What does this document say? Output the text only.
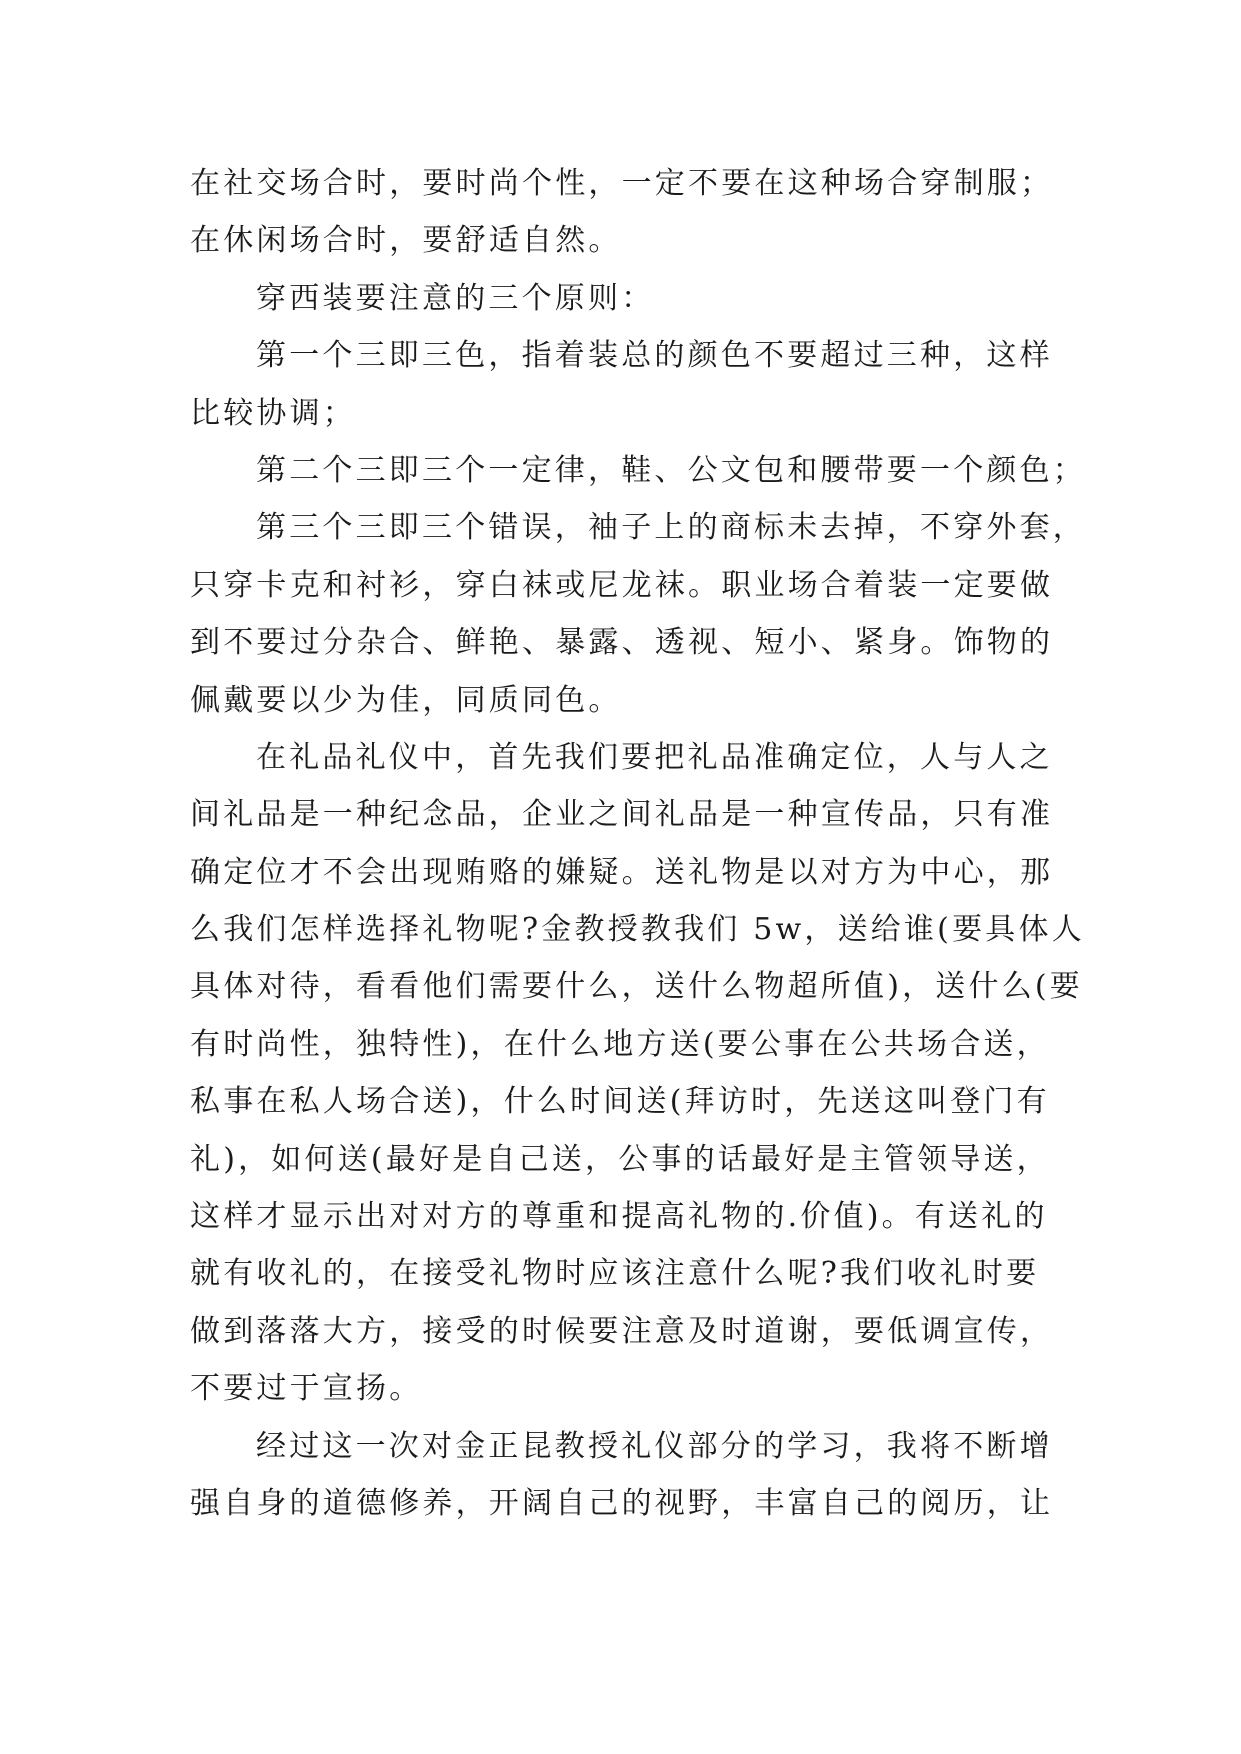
在社交场合时，要时尚个性，一定不要在这种场合穿制服；
在休闲场合时，要舒适自然。
穿西装要注意的三个原则：
第一个三即三色，指着装总的颜色不要超过三种，这样
比较协调；
第二个三即三个一定律，鞋、公文包和腰带要一个颜色；
第三个三即三个错误，袖子上的商标未去掉，不穿外套，
只穿卡克和衬衫，穿白袜或尼龙袜。职业场合着装一定要做
到不要过分杂合、鲜艳、暴露、透视、短小、紧身。饰物的
佩戴要以少为佳，同质同色。
在礼品礼仪中，首先我们要把礼品准确定位，人与人之
间礼品是一种纪念品，企业之间礼品是一种宣传品，只有准
确定位才不会出现贿赂的嫌疑。送礼物是以对方为中心，那
么我们怎样选择礼物呢?金教授教我们 5w，送给谁(要具体人
具体对待，看看他们需要什么，送什么物超所值)，送什么(要
有时尚性，独特性)，在什么地方送(要公事在公共场合送，
私事在私人场合送)，什么时间送(拜访时，先送这叫登门有
礼)，如何送(最好是自己送，公事的话最好是主管领导送，
这样才显示出对对方的尊重和提高礼物的.价值)。有送礼的
就有收礼的，在接受礼物时应该注意什么呢?我们收礼时要
做到落落大方，接受的时候要注意及时道谢，要低调宣传，
不要过于宣扬。
经过这一次对金正昆教授礼仪部分的学习，我将不断增
强自身的道德修养，开阔自己的视野，丰富自己的阅历，让
